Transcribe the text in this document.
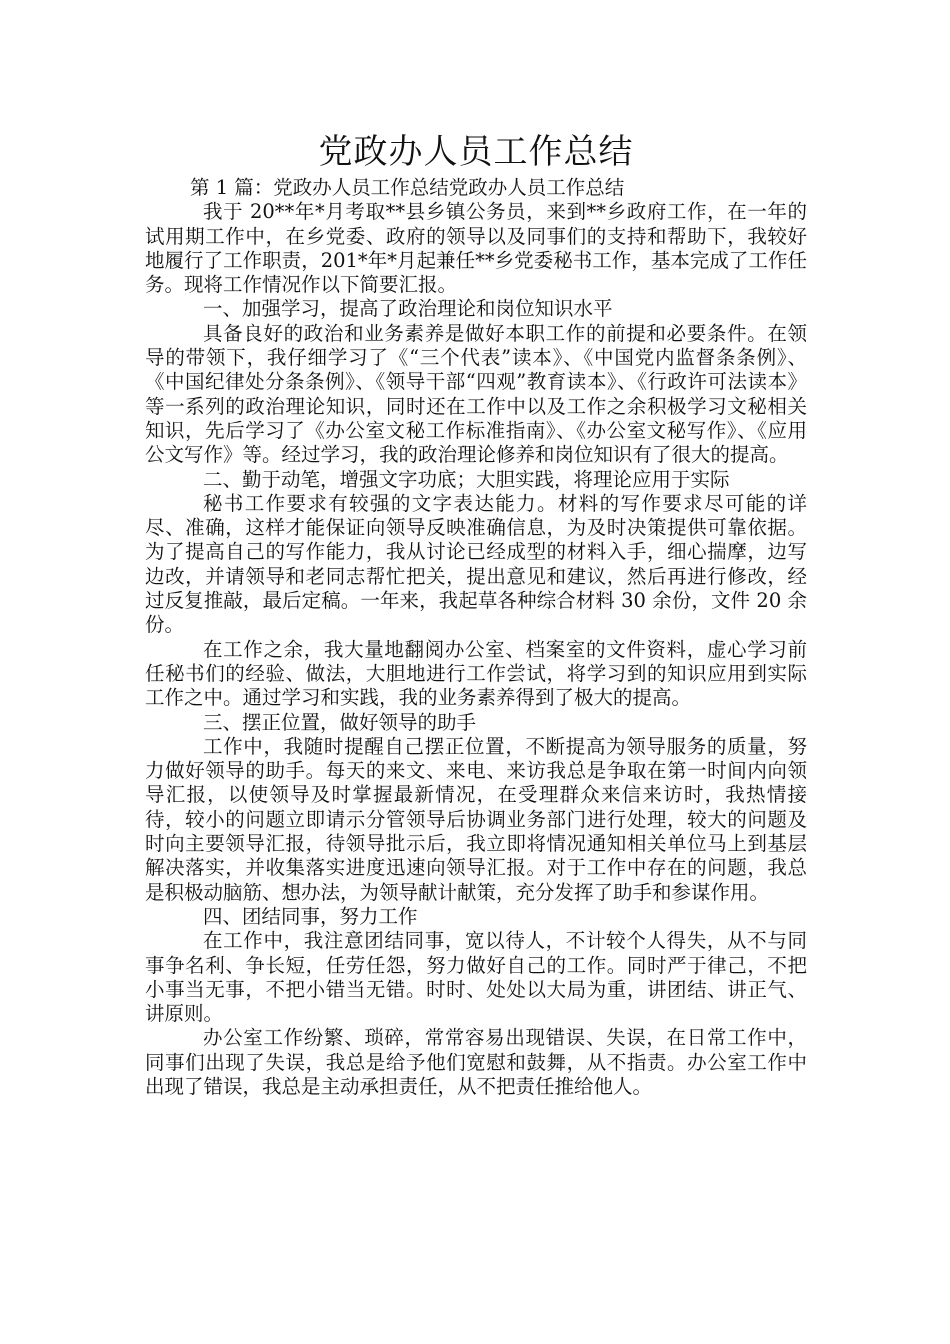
党政办人员工作总结

第 1 篇：党政办人员工作总结党政办人员工作总结

我于 20**年*月考取**县乡镇公务员，来到**乡政府工作，在一年的试用期工作中，在乡党委、政府的领导以及同事们的支持和帮助下，我较好地履行了工作职责，201*年*月起兼任**乡党委秘书工作，基本完成了工作任务。现将工作情况作以下简要汇报。

一、加强学习，提高了政治理论和岗位知识水平

具备良好的政治和业务素养是做好本职工作的前提和必要条件。在领导的带领下，我仔细学习了《“三个代表”读本》、《中国党内监督条条例》、《中国纪律处分条条例》、《领导干部“四观”教育读本》、《行政许可法读本》等一系列的政治理论知识，同时还在工作中以及工作之余积极学习文秘相关知识，先后学习了《办公室文秘工作标准指南》、《办公室文秘写作》、《应用公文写作》等。经过学习，我的政治理论修养和岗位知识有了很大的提高。

二、勤于动笔，增强文字功底；大胆实践，将理论应用于实际

秘书工作要求有较强的文字表达能力。材料的写作要求尽可能的详尽、准确，这样才能保证向领导反映准确信息，为及时决策提供可靠依据。为了提高自己的写作能力，我从讨论已经成型的材料入手，细心揣摩，边写边改，并请领导和老同志帮忙把关，提出意见和建议，然后再进行修改，经过反复推敲，最后定稿。一年来，我起草各种综合材料 30 余份，文件 20 余份。

在工作之余，我大量地翻阅办公室、档案室的文件资料，虚心学习前任秘书们的经验、做法，大胆地进行工作尝试，将学习到的知识应用到实际工作之中。通过学习和实践，我的业务素养得到了极大的提高。

三、摆正位置，做好领导的助手

工作中，我随时提醒自己摆正位置，不断提高为领导服务的质量，努力做好领导的助手。每天的来文、来电、来访我总是争取在第一时间内向领导汇报，以使领导及时掌握最新情况，在受理群众来信来访时，我热情接待，较小的问题立即请示分管领导后协调业务部门进行处理，较大的问题及时向主要领导汇报，待领导批示后，我立即将情况通知相关单位马上到基层解决落实，并收集落实进度迅速向领导汇报。对于工作中存在的问题，我总是积极动脑筋、想办法，为领导献计献策，充分发挥了助手和参谋作用。

四、团结同事，努力工作

在工作中，我注意团结同事，宽以待人，不计较个人得失，从不与同事争名利、争长短，任劳任怨，努力做好自己的工作。同时严于律己，不把小事当无事，不把小错当无错。时时、处处以大局为重，讲团结、讲正气、讲原则。

办公室工作纷繁、琐碎，常常容易出现错误、失误，在日常工作中，同事们出现了失误，我总是给予他们宽慰和鼓舞，从不指责。办公室工作中出现了错误，我总是主动承担责任，从不把责任推给他人。
